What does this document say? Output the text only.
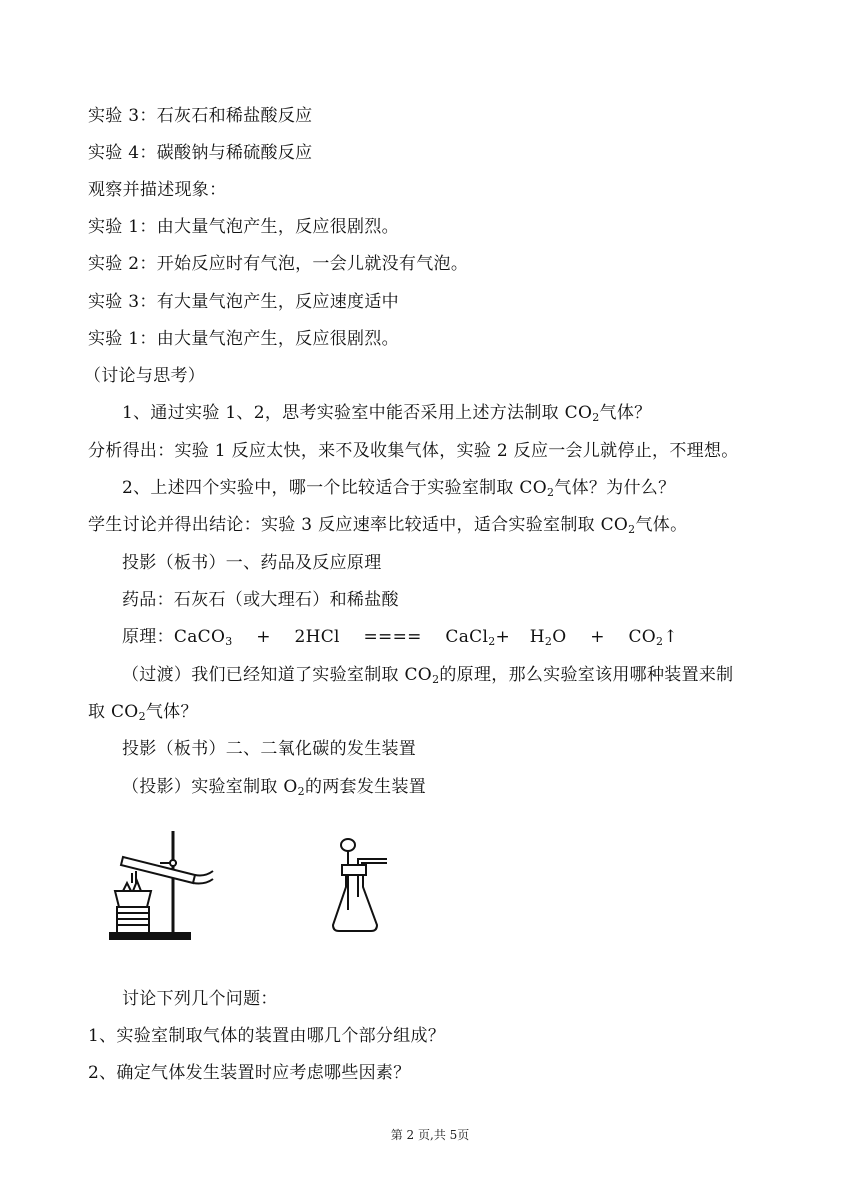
实验 3：石灰石和稀盐酸反应
实验 4：碳酸钠与稀硫酸反应
观察并描述现象：
实验 1：由大量气泡产生，反应很剧烈。
实验 2：开始反应时有气泡，一会儿就没有气泡。
实验 3：有大量气泡产生，反应速度适中
实验 1：由大量气泡产生，反应很剧烈。
（讨论与思考）
1、通过实验 1、2，思考实验室中能否采用上述方法制取 $CO_2$气体？
分析得出：实验 1 反应太快，来不及收集气体，实验 2 反应一会儿就停止，不理想。
2、上述四个实验中，哪一个比较适合于实验室制取 $CO_2$气体？为什么？
学生讨论并得出结论：实验 3 反应速率比较适中，适合实验室制取 $CO_2$气体。
投影（板书）一、药品及反应原理
药品：石灰石（或大理石）和稀盐酸
原理：CaCO$_3$ + 2HCl ==== CaCl$_2$+ $H_2O$ + $CO_2↑$
（过渡）我们已经知道了实验室制取 $CO_2$的原理，那么实验室该用哪种装置来制
取 $CO_2$气体？
投影（板书）二、二氧化碳的发生装置
（投影）实验室制取 $O_2$的两套发生装置
讨论下列几个问题：
1、实验室制取气体的装置由哪几个部分组成？
2、确定气体发生装置时应考虑哪些因素？
第 2 页,共 5页
